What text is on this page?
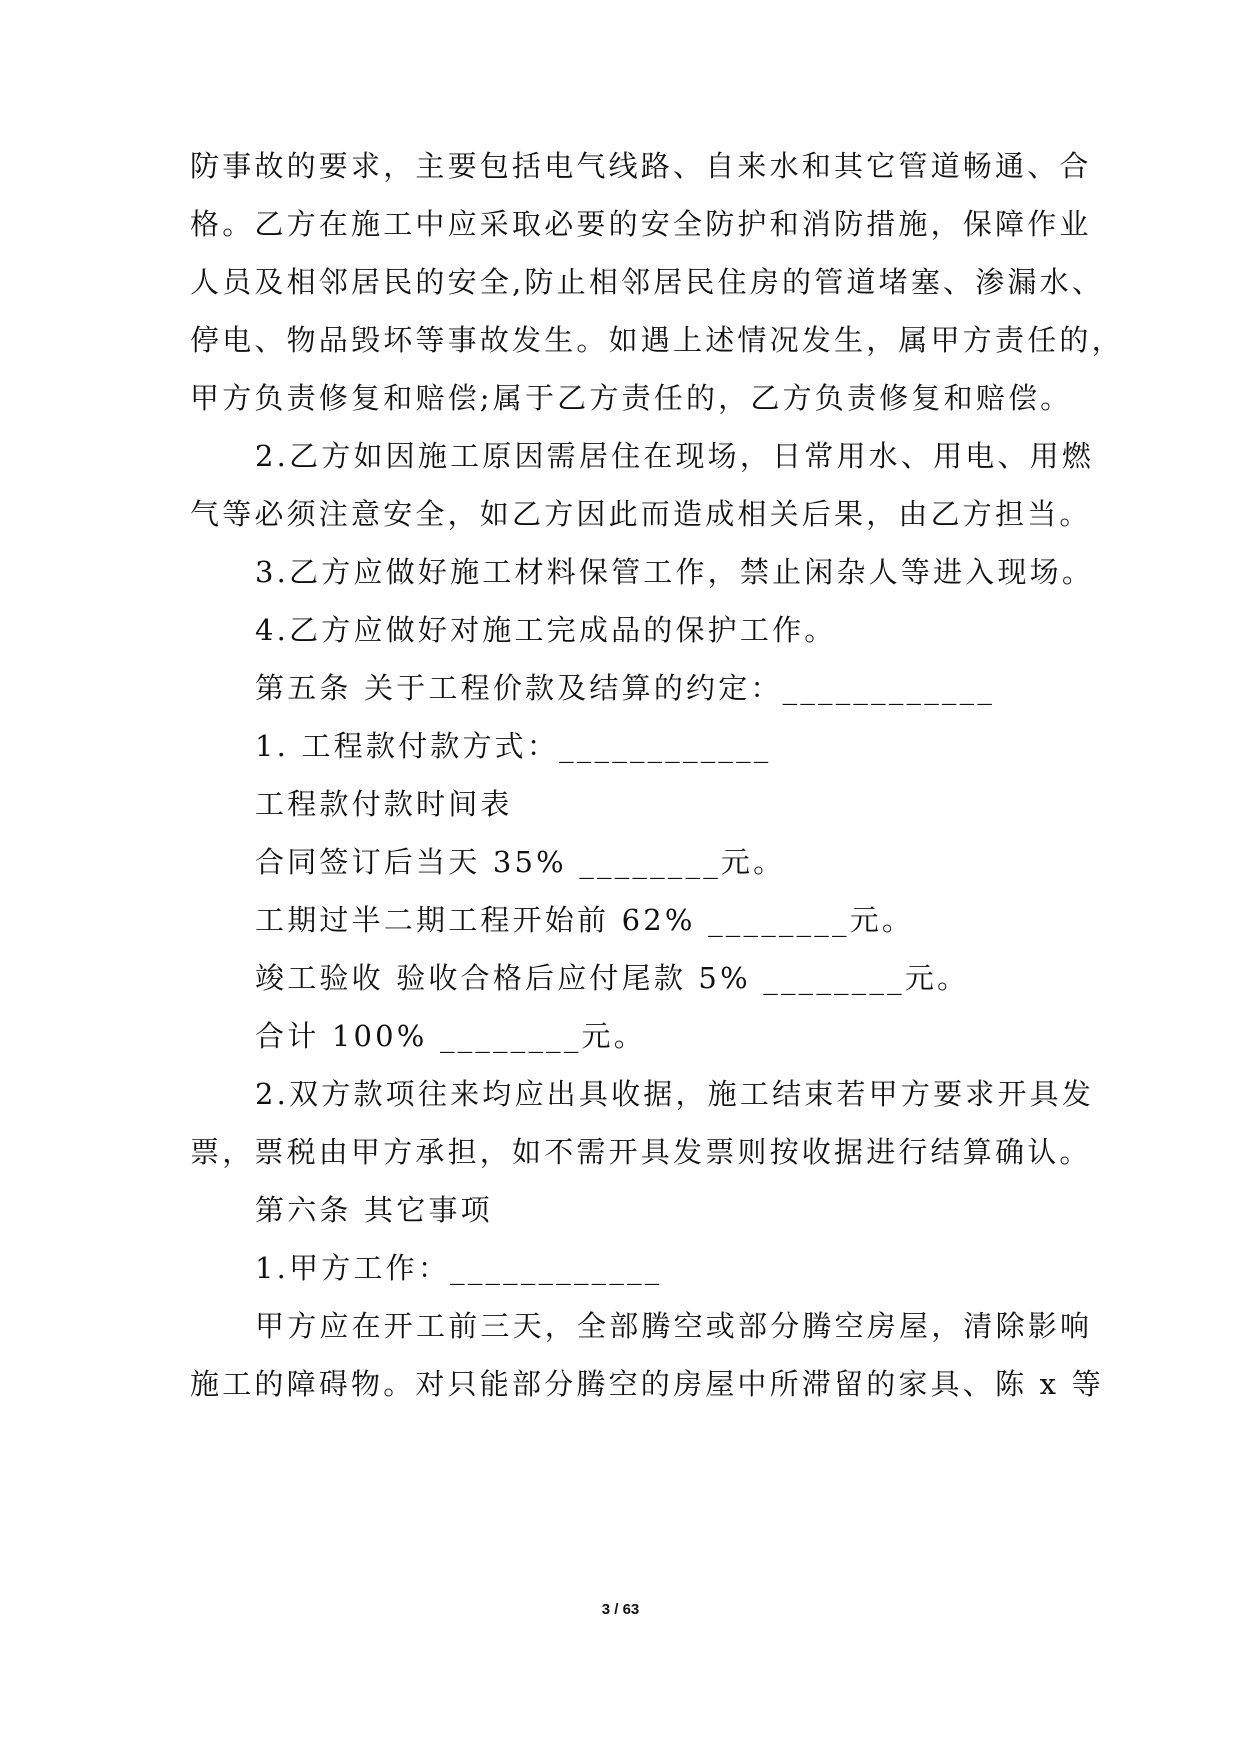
防事故的要求，主要包括电气线路、自来水和其它管道畅通、合
格。乙方在施工中应采取必要的安全防护和消防措施，保障作业
人员及相邻居民的安全,防止相邻居民住房的管道堵塞、渗漏水、
停电、物品毁坏等事故发生。如遇上述情况发生，属甲方责任的，
甲方负责修复和赔偿;属于乙方责任的，乙方负责修复和赔偿。
2.乙方如因施工原因需居住在现场，日常用水、用电、用燃
气等必须注意安全，如乙方因此而造成相关后果，由乙方担当。
3.乙方应做好施工材料保管工作，禁止闲杂人等进入现场。
4.乙方应做好对施工完成品的保护工作。
第五条 关于工程价款及结算的约定：____________
1. 工程款付款方式：____________
工程款付款时间表
合同签订后当天 35% ________元。
工期过半二期工程开始前 62% ________元。
竣工验收 验收合格后应付尾款 5% ________元。
合计 100% ________元。
2.双方款项往来均应出具收据，施工结束若甲方要求开具发
票，票税由甲方承担，如不需开具发票则按收据进行结算确认。
第六条 其它事项
1.甲方工作：____________
甲方应在开工前三天，全部腾空或部分腾空房屋，清除影响
施工的障碍物。对只能部分腾空的房屋中所滞留的家具、陈 x 等
3 / 63
